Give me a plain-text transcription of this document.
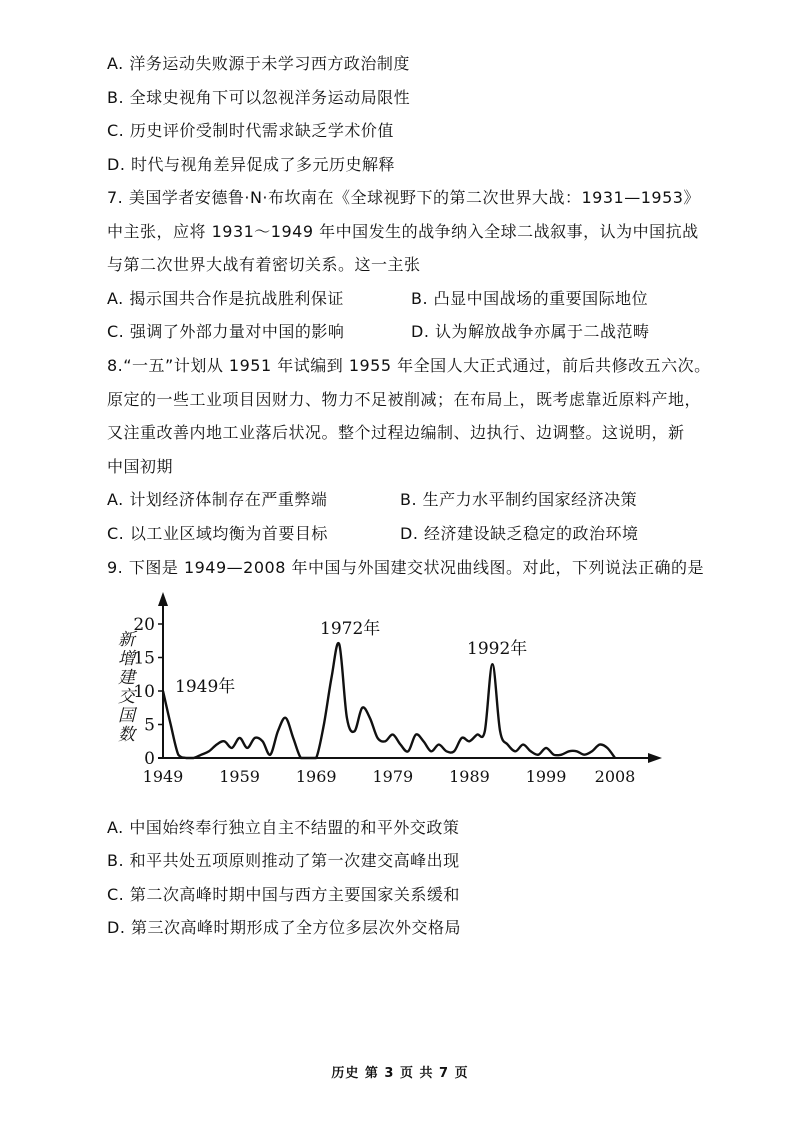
A. 洋务运动失败源于未学习西方政治制度
B. 全球史视角下可以忽视洋务运动局限性
C. 历史评价受制时代需求缺乏学术价值
D. 时代与视角差异促成了多元历史解释
7. 美国学者安德鲁·N·布坎南在《全球视野下的第二次世界大战：1931—1953》
中主张，应将 1931～1949 年中国发生的战争纳入全球二战叙事，认为中国抗战
与第二次世界大战有着密切关系。这一主张
A. 揭示国共合作是抗战胜利保证	B. 凸显中国战场的重要国际地位
C. 强调了外部力量对中国的影响	D. 认为解放战争亦属于二战范畴
8.“一五”计划从 1951 年试编到 1955 年全国人大正式通过，前后共修改五六次。
原定的一些工业项目因财力、物力不足被削减；在布局上，既考虑靠近原料产地，
又注重改善内地工业落后状况。整个过程边编制、边执行、边调整。这说明，新
中国初期
A. 计划经济体制存在严重弊端	B. 生产力水平制约国家经济决策
C. 以工业区域均衡为首要目标	D. 经济建设缺乏稳定的政治环境
9. 下图是 1949—2008 年中国与外国建交状况曲线图。对此，下列说法正确的是
新增建交国数
0
5
10
15
20
1949 1959 1969 1979 1989 1999 2008
1949年
1972年
1992年
A. 中国始终奉行独立自主不结盟的和平外交政策
B. 和平共处五项原则推动了第一次建交高峰出现
C. 第二次高峰时期中国与西方主要国家关系缓和
D. 第三次高峰时期形成了全方位多层次外交格局
历史 第 3 页 共 7 页
